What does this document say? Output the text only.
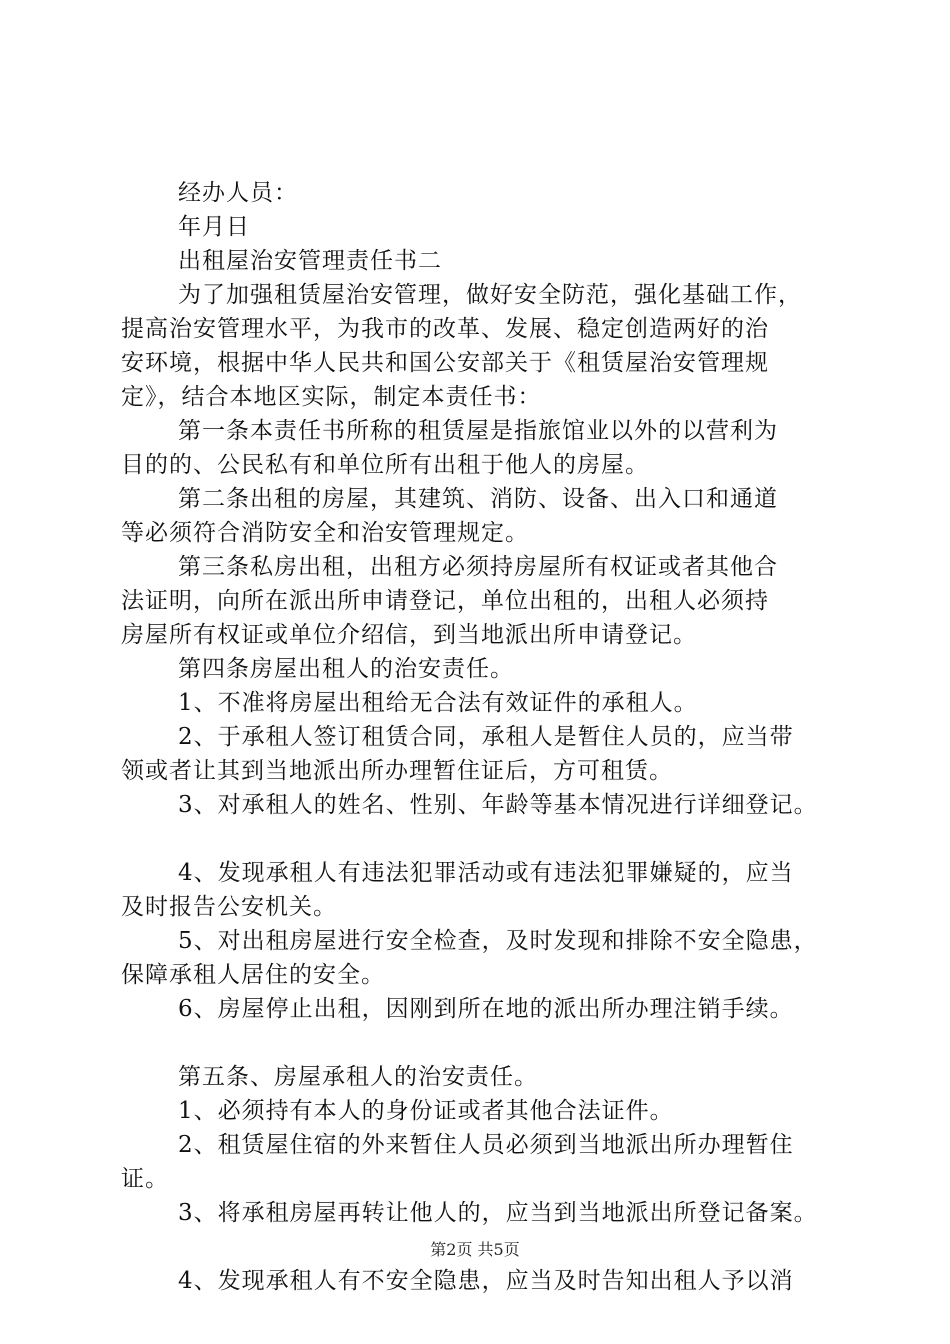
经办人员：
年月日
出租屋治安管理责任书二
为了加强租赁屋治安管理，做好安全防范，强化基础工作，
提高治安管理水平，为我市的改革、发展、稳定创造两好的治
安环境，根据中华人民共和国公安部关于《租赁屋治安管理规
定》，结合本地区实际，制定本责任书：
第一条本责任书所称的租赁屋是指旅馆业以外的以营利为
目的的、公民私有和单位所有出租于他人的房屋。
第二条出租的房屋，其建筑、消防、设备、出入口和通道
等必须符合消防安全和治安管理规定。
第三条私房出租，出租方必须持房屋所有权证或者其他合
法证明，向所在派出所申请登记，单位出租的，出租人必须持
房屋所有权证或单位介绍信，到当地派出所申请登记。
第四条房屋出租人的治安责任。
1、不准将房屋出租给无合法有效证件的承租人。
2、于承租人签订租赁合同，承租人是暂住人员的，应当带
领或者让其到当地派出所办理暂住证后，方可租赁。
3、对承租人的姓名、性别、年龄等基本情况进行详细登记。
4、发现承租人有违法犯罪活动或有违法犯罪嫌疑的，应当
及时报告公安机关。
5、对出租房屋进行安全检查，及时发现和排除不安全隐患，
保障承租人居住的安全。
6、房屋停止出租，因刚到所在地的派出所办理注销手续。
第五条、房屋承租人的治安责任。
1、必须持有本人的身份证或者其他合法证件。
2、租赁屋住宿的外来暂住人员必须到当地派出所办理暂住
证。
3、将承租房屋再转让他人的，应当到当地派出所登记备案。
4、发现承租人有不安全隐患，应当及时告知出租人予以消
第2页 共5页
